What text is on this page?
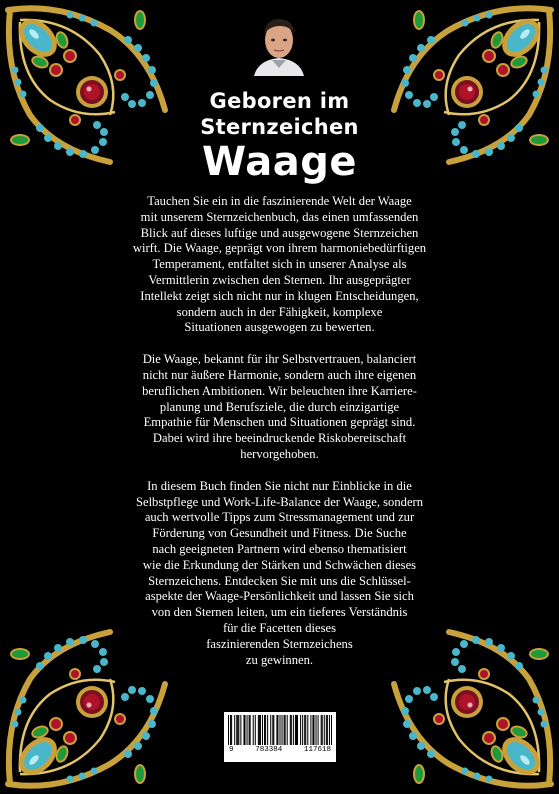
Geboren im
Sternzeichen
Waage

Tauchen Sie ein in die faszinierende Welt der Waage
mit unserem Sternzeichenbuch, das einen umfassenden
Blick auf dieses luftige und ausgewogene Sternzeichen
wirft. Die Waage, geprägt von ihrem harmoniebedürftigen
Temperament, entfaltet sich in unserer Analyse als
Vermittlerin zwischen den Sternen. Ihr ausgeprägter
Intellekt zeigt sich nicht nur in klugen Entscheidungen,
sondern auch in der Fähigkeit, komplexe
Situationen ausgewogen zu bewerten.

Die Waage, bekannt für ihr Selbstvertrauen, balanciert
nicht nur äußere Harmonie, sondern auch ihre eigenen
beruflichen Ambitionen. Wir beleuchten ihre Karriere-
planung und Berufsziele, die durch einzigartige
Empathie für Menschen und Situationen geprägt sind.
Dabei wird ihre beeindruckende Riskobereitschaft
hervorgehoben.

In diesem Buch finden Sie nicht nur Einblicke in die
Selbstpflege und Work-Life-Balance der Waage, sondern
auch wertvolle Tipps zum Stressmanagement und zur
Förderung von Gesundheit und Fitness. Die Suche
nach geeigneten Partnern wird ebenso thematisiert
wie die Erkundung der Stärken und Schwächen dieses
Sternzeichens. Entdecken Sie mit uns die Schlüssel-
aspekte der Waage-Persönlichkeit und lassen Sie sich
von den Sternen leiten, um ein tieferes Verständnis
für die Facetten dieses
faszinierenden Sternzeichens
zu gewinnen.

9	783384	117618
